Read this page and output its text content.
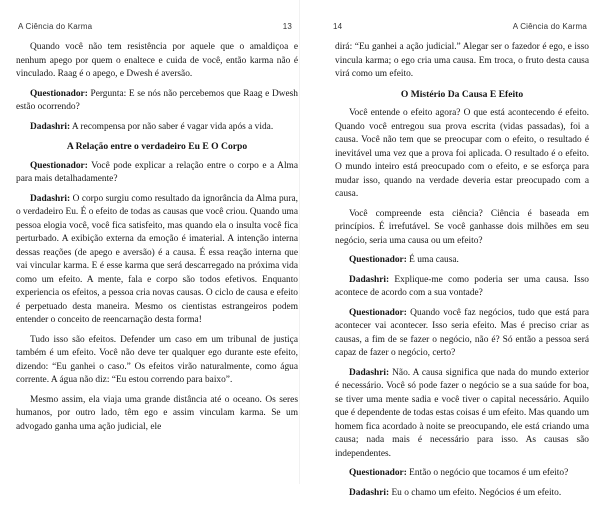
A Ciência do Karma	13

Quando você não tem resistência por aquele que o amaldiçoa e nenhum apego por quem o enaltece e cuida de você, então karma não é vinculado. Raag é o apego, e Dwesh é aversão.

Questionador: Pergunta: E se nós não percebemos que Raag e Dwesh estão ocorrendo?

Dadashri: A recompensa por não saber é vagar vida após a vida.

A Relação entre o verdadeiro Eu E O Corpo

Questionador: Você pode explicar a relação entre o corpo e a Alma para mais detalhadamente?

Dadashri: O corpo surgiu como resultado da ignorância da Alma pura, o verdadeiro Eu. É o efeito de todas as causas que você criou. Quando uma pessoa elogia você, você fica satisfeito, mas quando ela o insulta você fica perturbado. A exibição externa da emoção é imaterial. A intenção interna dessas reações (de apego e aversão) é a causa. É essa reação interna que vai vincular karma. E é esse karma que será descarregado na próxima vida como um efeito. A mente, fala e corpo são todos efetivos. Enquanto experiencia os efeitos, a pessoa cria novas causas. O ciclo de causa e efeito é perpetuado desta maneira. Mesmo os cientistas estrangeiros podem entender o conceito de reencarnação desta forma!

Tudo isso são efeitos. Defender um caso em um tribunal de justiça também é um efeito. Você não deve ter qualquer ego durante este efeito, dizendo: “Eu ganhei o caso.” Os efeitos virão naturalmente, como água corrente. A água não diz: “Eu estou correndo para baixo”.

Mesmo assim, ela viaja uma grande distância até o oceano. Os seres humanos, por outro lado, têm ego e assim vinculam karma. Se um advogado ganha uma ação judicial, ele

14	A Ciência do Karma

dirá: “Eu ganhei a ação judicial.” Alegar ser o fazedor é ego, e isso vincula karma; o ego cria uma causa. Em troca, o fruto desta causa virá como um efeito.

O Mistério Da Causa E Efeito

Você entende o efeito agora? O que está acontecendo é efeito. Quando você entregou sua prova escrita (vidas passadas), foi a causa. Você não tem que se preocupar com o efeito, o resultado é inevitável uma vez que a prova foi aplicada. O resultado é o efeito. O mundo inteiro está preocupado com o efeito, e se esforça para mudar isso, quando na verdade deveria estar preocupado com a causa.

Você compreende esta ciência? Ciência é baseada em princípios. É irrefutável. Se você ganhasse dois milhões em seu negócio, seria uma causa ou um efeito?

Questionador: É uma causa.

Dadashri: Explique-me como poderia ser uma causa. Isso acontece de acordo com a sua vontade?

Questionador: Quando você faz negócios, tudo que está para acontecer vai acontecer. Isso seria efeito. Mas é preciso criar as causas, a fim de se fazer o negócio, não é? Só então a pessoa será capaz de fazer o negócio, certo?

Dadashri: Não. A causa significa que nada do mundo exterior é necessário. Você só pode fazer o negócio se a sua saúde for boa, se tiver uma mente sadia e você tiver o capital necessário. Aquilo que é dependente de todas estas coisas é um efeito. Mas quando um homem fica acordado à noite se preocupando, ele está criando uma causa; nada mais é necessário para isso. As causas são independentes.

Questionador: Então o negócio que tocamos é um efeito?

Dadashri: Eu o chamo um efeito. Negócios é um efeito.
